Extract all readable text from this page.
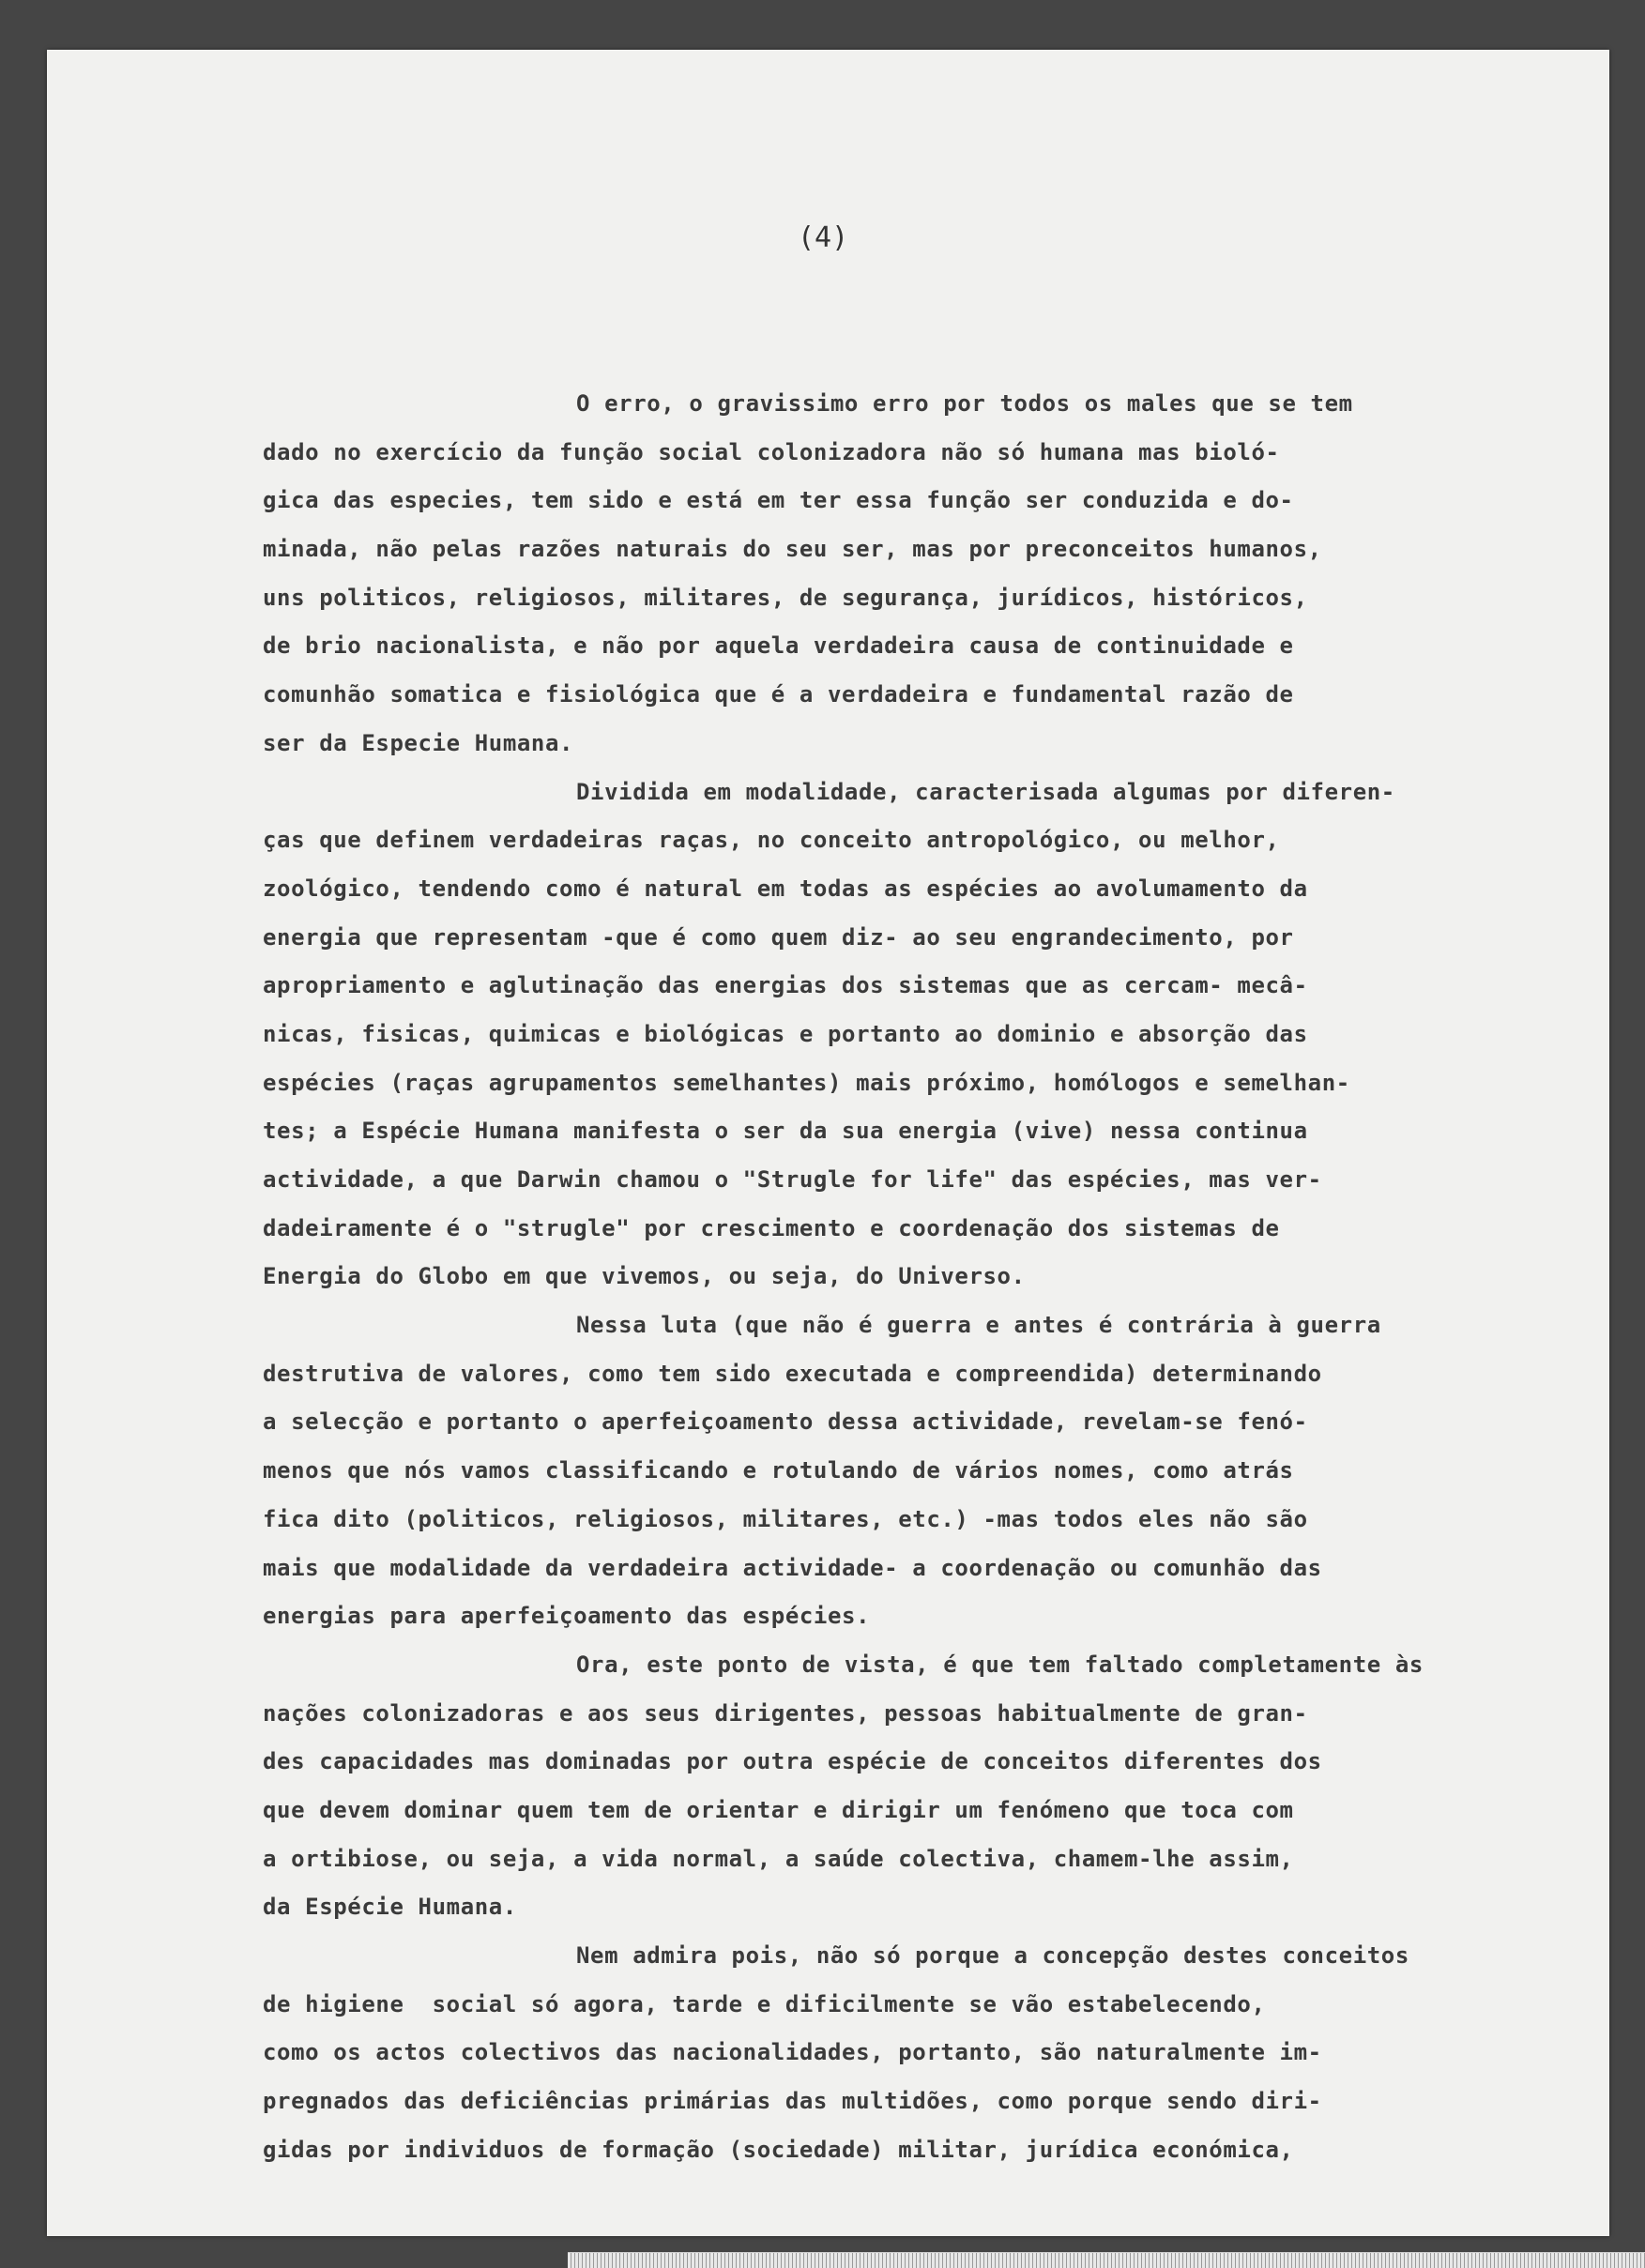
(4)
O erro, o gravissimo erro por todos os males que se tem
dado no exercício da função social colonizadora não só humana mas bioló-
gica das especies, tem sido e está em ter essa função ser conduzida e do-
minada, não pelas razões naturais do seu ser, mas por preconceitos humanos,
uns politicos, religiosos, militares, de segurança, jurídicos, históricos,
de brio nacionalista, e não por aquela verdadeira causa de continuidade e
comunhão somatica e fisiológica que é a verdadeira e fundamental razão de
ser da Especie Humana.
Dividida em modalidade, caracterisada algumas por diferen-
ças que definem verdadeiras raças, no conceito antropológico, ou melhor,
zoológico, tendendo como é natural em todas as espécies ao avolumamento da
energia que representam -que é como quem diz- ao seu engrandecimento, por
apropriamento e aglutinação das energias dos sistemas que as cercam- mecâ-
nicas, fisicas, quimicas e biológicas e portanto ao dominio e absorção das
espécies (raças agrupamentos semelhantes) mais próximo, homólogos e semelhan-
tes; a Espécie Humana manifesta o ser da sua energia (vive) nessa continua
actividade, a que Darwin chamou o "Strugle for life" das espécies, mas ver-
dadeiramente é o "strugle" por crescimento e coordenação dos sistemas de
Energia do Globo em que vivemos, ou seja, do Universo.
Nessa luta (que não é guerra e antes é contrária à guerra
destrutiva de valores, como tem sido executada e compreendida) determinando
a selecção e portanto o aperfeiçoamento dessa actividade, revelam-se fenó-
menos que nós vamos classificando e rotulando de vários nomes, como atrás
fica dito (politicos, religiosos, militares, etc.) -mas todos eles não são
mais que modalidade da verdadeira actividade- a coordenação ou comunhão das
energias para aperfeiçoamento das espécies.
Ora, este ponto de vista, é que tem faltado completamente às
nações colonizadoras e aos seus dirigentes, pessoas habitualmente de gran-
des capacidades mas dominadas por outra espécie de conceitos diferentes dos
que devem dominar quem tem de orientar e dirigir um fenómeno que toca com
a ortibiose, ou seja, a vida normal, a saúde colectiva, chamem-lhe assim,
da Espécie Humana.
Nem admira pois, não só porque a concepção destes conceitos
de higiene  social só agora, tarde e dificilmente se vão estabelecendo,
como os actos colectivos das nacionalidades, portanto, são naturalmente im-
pregnados das deficiências primárias das multidões, como porque sendo diri-
gidas por individuos de formação (sociedade) militar, jurídica económica,
